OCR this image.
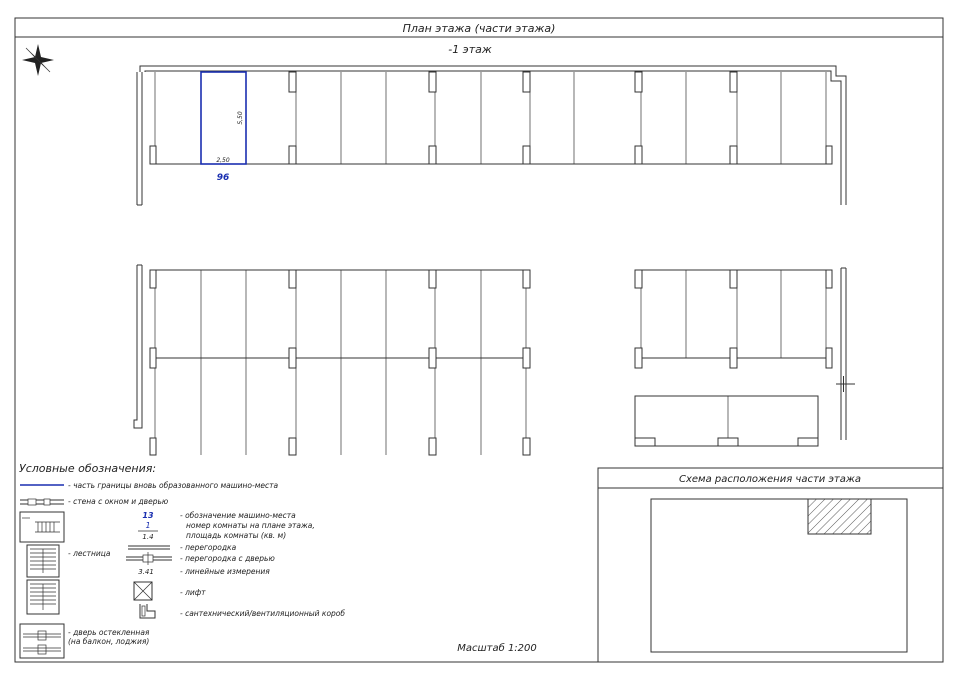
План этажа (части этажа)
-1 этаж
2,50
5,50
96
Условные обозначения:
- часть границы вновь образованного машино-места
- стена с окном и дверью
- лестница
- дверь остекленная
(на балкон, лоджия)
13
1
1.4
- обозначение машино-места
номер комнаты на плане этажа,
площадь комнаты (кв. м)
- перегородка
- перегородка с дверью
3.41	- линейные измерения
- лифт
- сантехнический/вентиляционный короб
Масштаб 1:200
Схема расположения части этажа
